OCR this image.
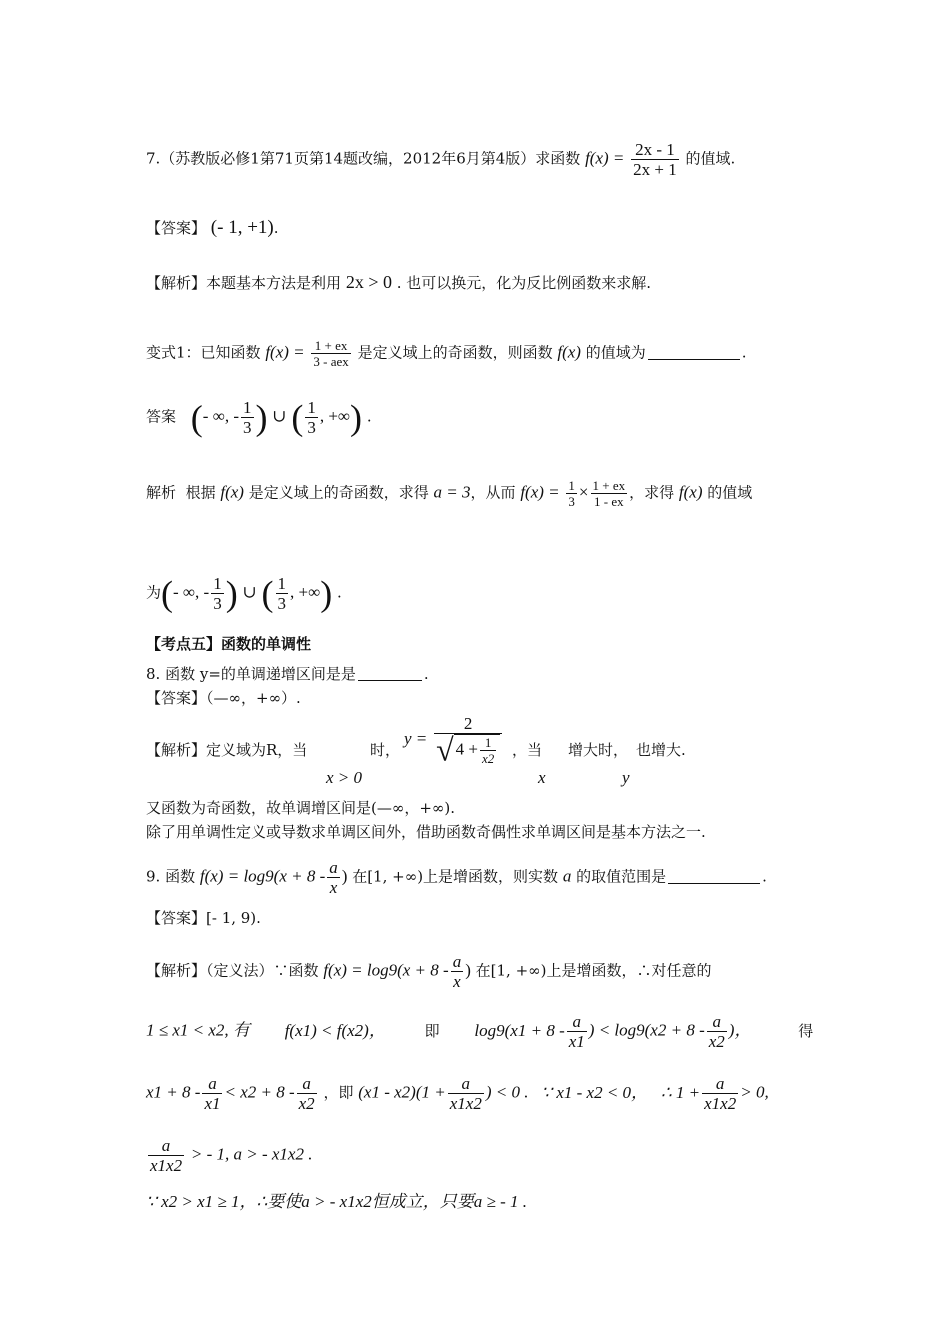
7.（苏教版必修1第71页第14题改编，2012年6月第4版）求函数 $f(x) = \frac{2x - 1}{2x + 1}$ 的值域.
【答案】 (- 1, +1).
【解析】本题基本方法是利用 2x > 0 . 也可以换元，化为反比例函数来求解.
变式1：已知函数 $f(x) = \frac{1 + ex}{\text{3 - aex}}$ 是定义域上的奇函数，则函数 f(x) 的值域为	.
答案 (- ∞, - $\frac{1}{3}$ ) ∪ ( $\frac{1}{3}$ , +∞) .
解析 根据 f(x) 是定义域上的奇函数，求得 a = 3，从而 $f(x) = \frac{1}{3} \times \frac{1 + ex}{1 - ex}$ ，求得 f(x) 的值域
为(- ∞, - $\frac{1}{3}$ ) ∪ ( $\frac{1}{3}$ , +∞) .
【考点五】函数的单调性
8. 函数 y=的单调递增区间是是	.
【答案】（—∞，+∞）.
【解析】定义域为R，当
x > 0
时，
$y = \frac{2}{√ 4 + \frac{1}{x2}}$ ，当
x
增大时，
y
也增大.
又函数为奇函数，故单调增区间是(—∞，+∞).
除了用单调性定义或导数求单调区间外，借助函数奇偶性求单调区间是基本方法之一.
9. 函数 $f(x) = \log 9(x + 8 - \frac{a}{x}$ ) 在[1, +∞)上是增函数，则实数 a 的取值范围是	.
【答案】[- 1, 9).
【解析】（定义法）∵函数 $f(x) = \log 9(x + 8 - \frac{a}{x}$ ) 在[1, +∞)上是增函数，∴对任意的
1 ≤ x1 < x2, 有 f(x1) < f(x2)，	即 $\log 9(x1 + 8 - \frac{a}{x1}$ ) < $\log 9(x2 + 8 - \frac{a}{x2}$ )，	得
$x1 + 8 - \frac{a}{x1} < x2 + 8 - \frac{a}{x2}$ ，即 $(x1 - x2)(1 + \frac{a}{x1x2}$ ) < 0 . ∵ x1 - x2 < 0， ∴ $1 + \frac{a}{x1x2} > 0$,
$\frac{a}{x1x2}$ > - 1, a > - x1x2 .
∵ x2 > x1 ≥ 1，∴要使a > - x1x2恒成立，只要a ≥ - 1 .
